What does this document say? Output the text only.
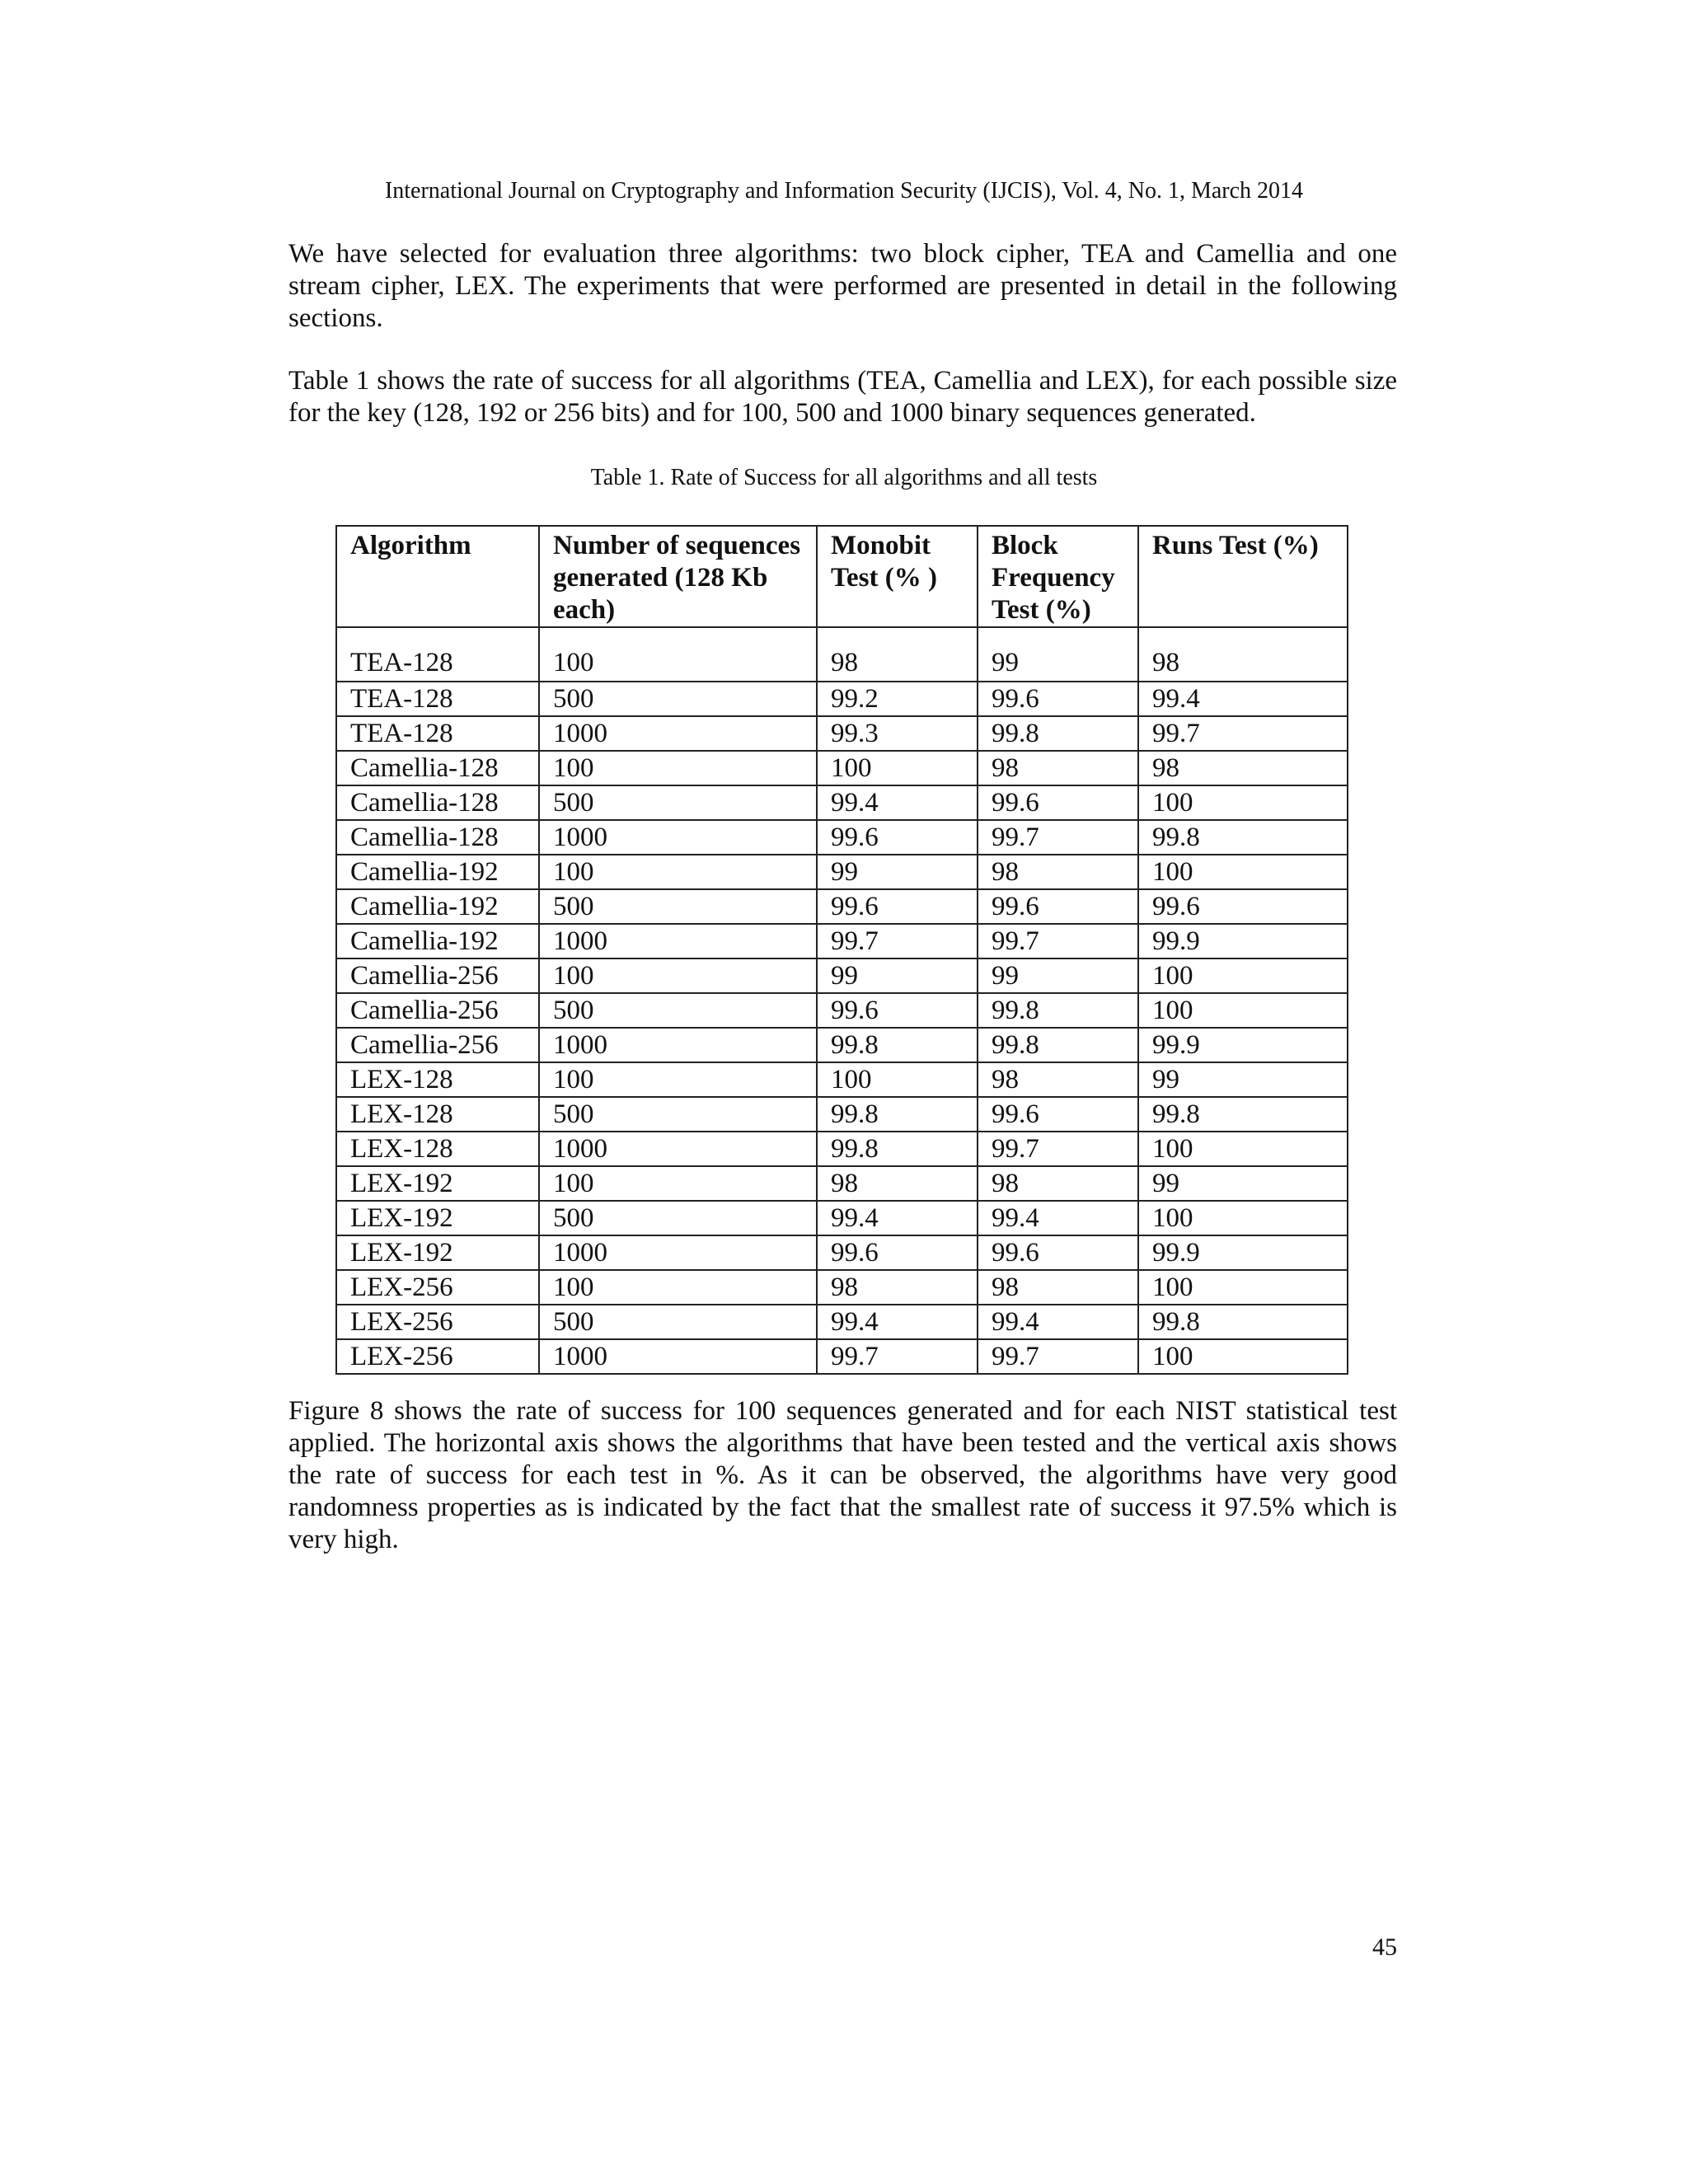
International Journal on Cryptography and Information Security (IJCIS), Vol. 4, No. 1, March 2014

We have selected for evaluation three algorithms: two block cipher, TEA and Camellia and one stream cipher, LEX. The experiments that were performed are presented in detail in the following sections.

Table 1 shows the rate of success for all algorithms (TEA, Camellia and LEX), for each possible size for the key (128, 192 or 256 bits) and for 100, 500 and 1000 binary sequences generated.

Table 1. Rate of Success for all algorithms and all tests
Algorithm	Number of sequences generated (128 Kb each)	Monobit Test (% )	Block Frequency Test (%)	Runs Test (%)
TEA-128	100	98	99	98
TEA-128	500	99.2	99.6	99.4
TEA-128	1000	99.3	99.8	99.7
Camellia-128	100	100	98	98
Camellia-128	500	99.4	99.6	100
Camellia-128	1000	99.6	99.7	99.8
Camellia-192	100	99	98	100
Camellia-192	500	99.6	99.6	99.6
Camellia-192	1000	99.7	99.7	99.9
Camellia-256	100	99	99	100
Camellia-256	500	99.6	99.8	100
Camellia-256	1000	99.8	99.8	99.9
LEX-128	100	100	98	99
LEX-128	500	99.8	99.6	99.8
LEX-128	1000	99.8	99.7	100
LEX-192	100	98	98	99
LEX-192	500	99.4	99.4	100
LEX-192	1000	99.6	99.6	99.9
LEX-256	100	98	98	100
LEX-256	500	99.4	99.4	99.8
LEX-256	1000	99.7	99.7	100

Figure 8 shows the rate of success for 100 sequences generated and for each NIST statistical test applied. The horizontal axis shows the algorithms that have been tested and the vertical axis shows the rate of success for each test in %. As it can be observed, the algorithms have very good randomness properties as is indicated by the fact that the smallest rate of success it 97.5% which is very high.

45
